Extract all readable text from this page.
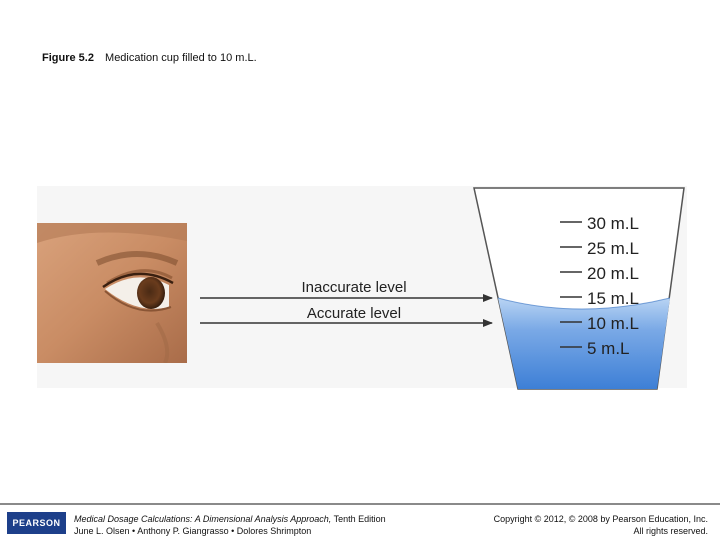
Figure 5.2 Medication cup filled to 10 m.L.
Inaccurate level
Accurate level
30 m.L
25 m.L
20 m.L
15 m.L
10 m.L
5 m.L
PEARSON Medical Dosage Calculations: A Dimensional Analysis Approach, Tenth Edition
June L. Olsen • Anthony P. Giangrasso • Dolores Shrimpton
Copyright © 2012, © 2008 by Pearson Education, Inc.
All rights reserved.
